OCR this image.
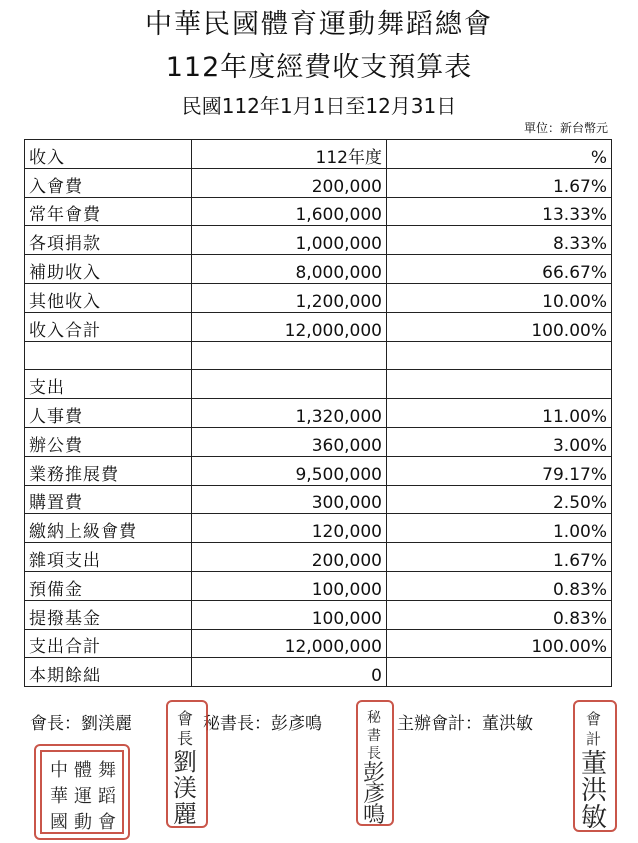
中華民國體育運動舞蹈總會
112年度經費收支預算表
民國112年1月1日至12月31日
單位：新台幣元
收入	112年度	%
入會費	200,000	1.67%
常年會費	1,600,000	13.33%
各項捐款	1,000,000	8.33%
補助收入	8,000,000	66.67%
其他收入	1,200,000	10.00%
收入合計	12,000,000	100.00%

支出		
人事費	1,320,000	11.00%
辦公費	360,000	3.00%
業務推展費	9,500,000	79.17%
購置費	300,000	2.50%
繳納上級會費	120,000	1.00%
雜項支出	200,000	1.67%
預備金	100,000	0.83%
提撥基金	100,000	0.83%
支出合計	12,000,000	100.00%
本期餘絀	0	
會長：劉渼麗	秘書長：彭彥鳴	主辦會計：董洪敏
中 體 舞
華 運 蹈
國 動 會
會
長
劉
渼
麗
秘
書
長
彭
彥
鳴
會
計
董
洪
敏
